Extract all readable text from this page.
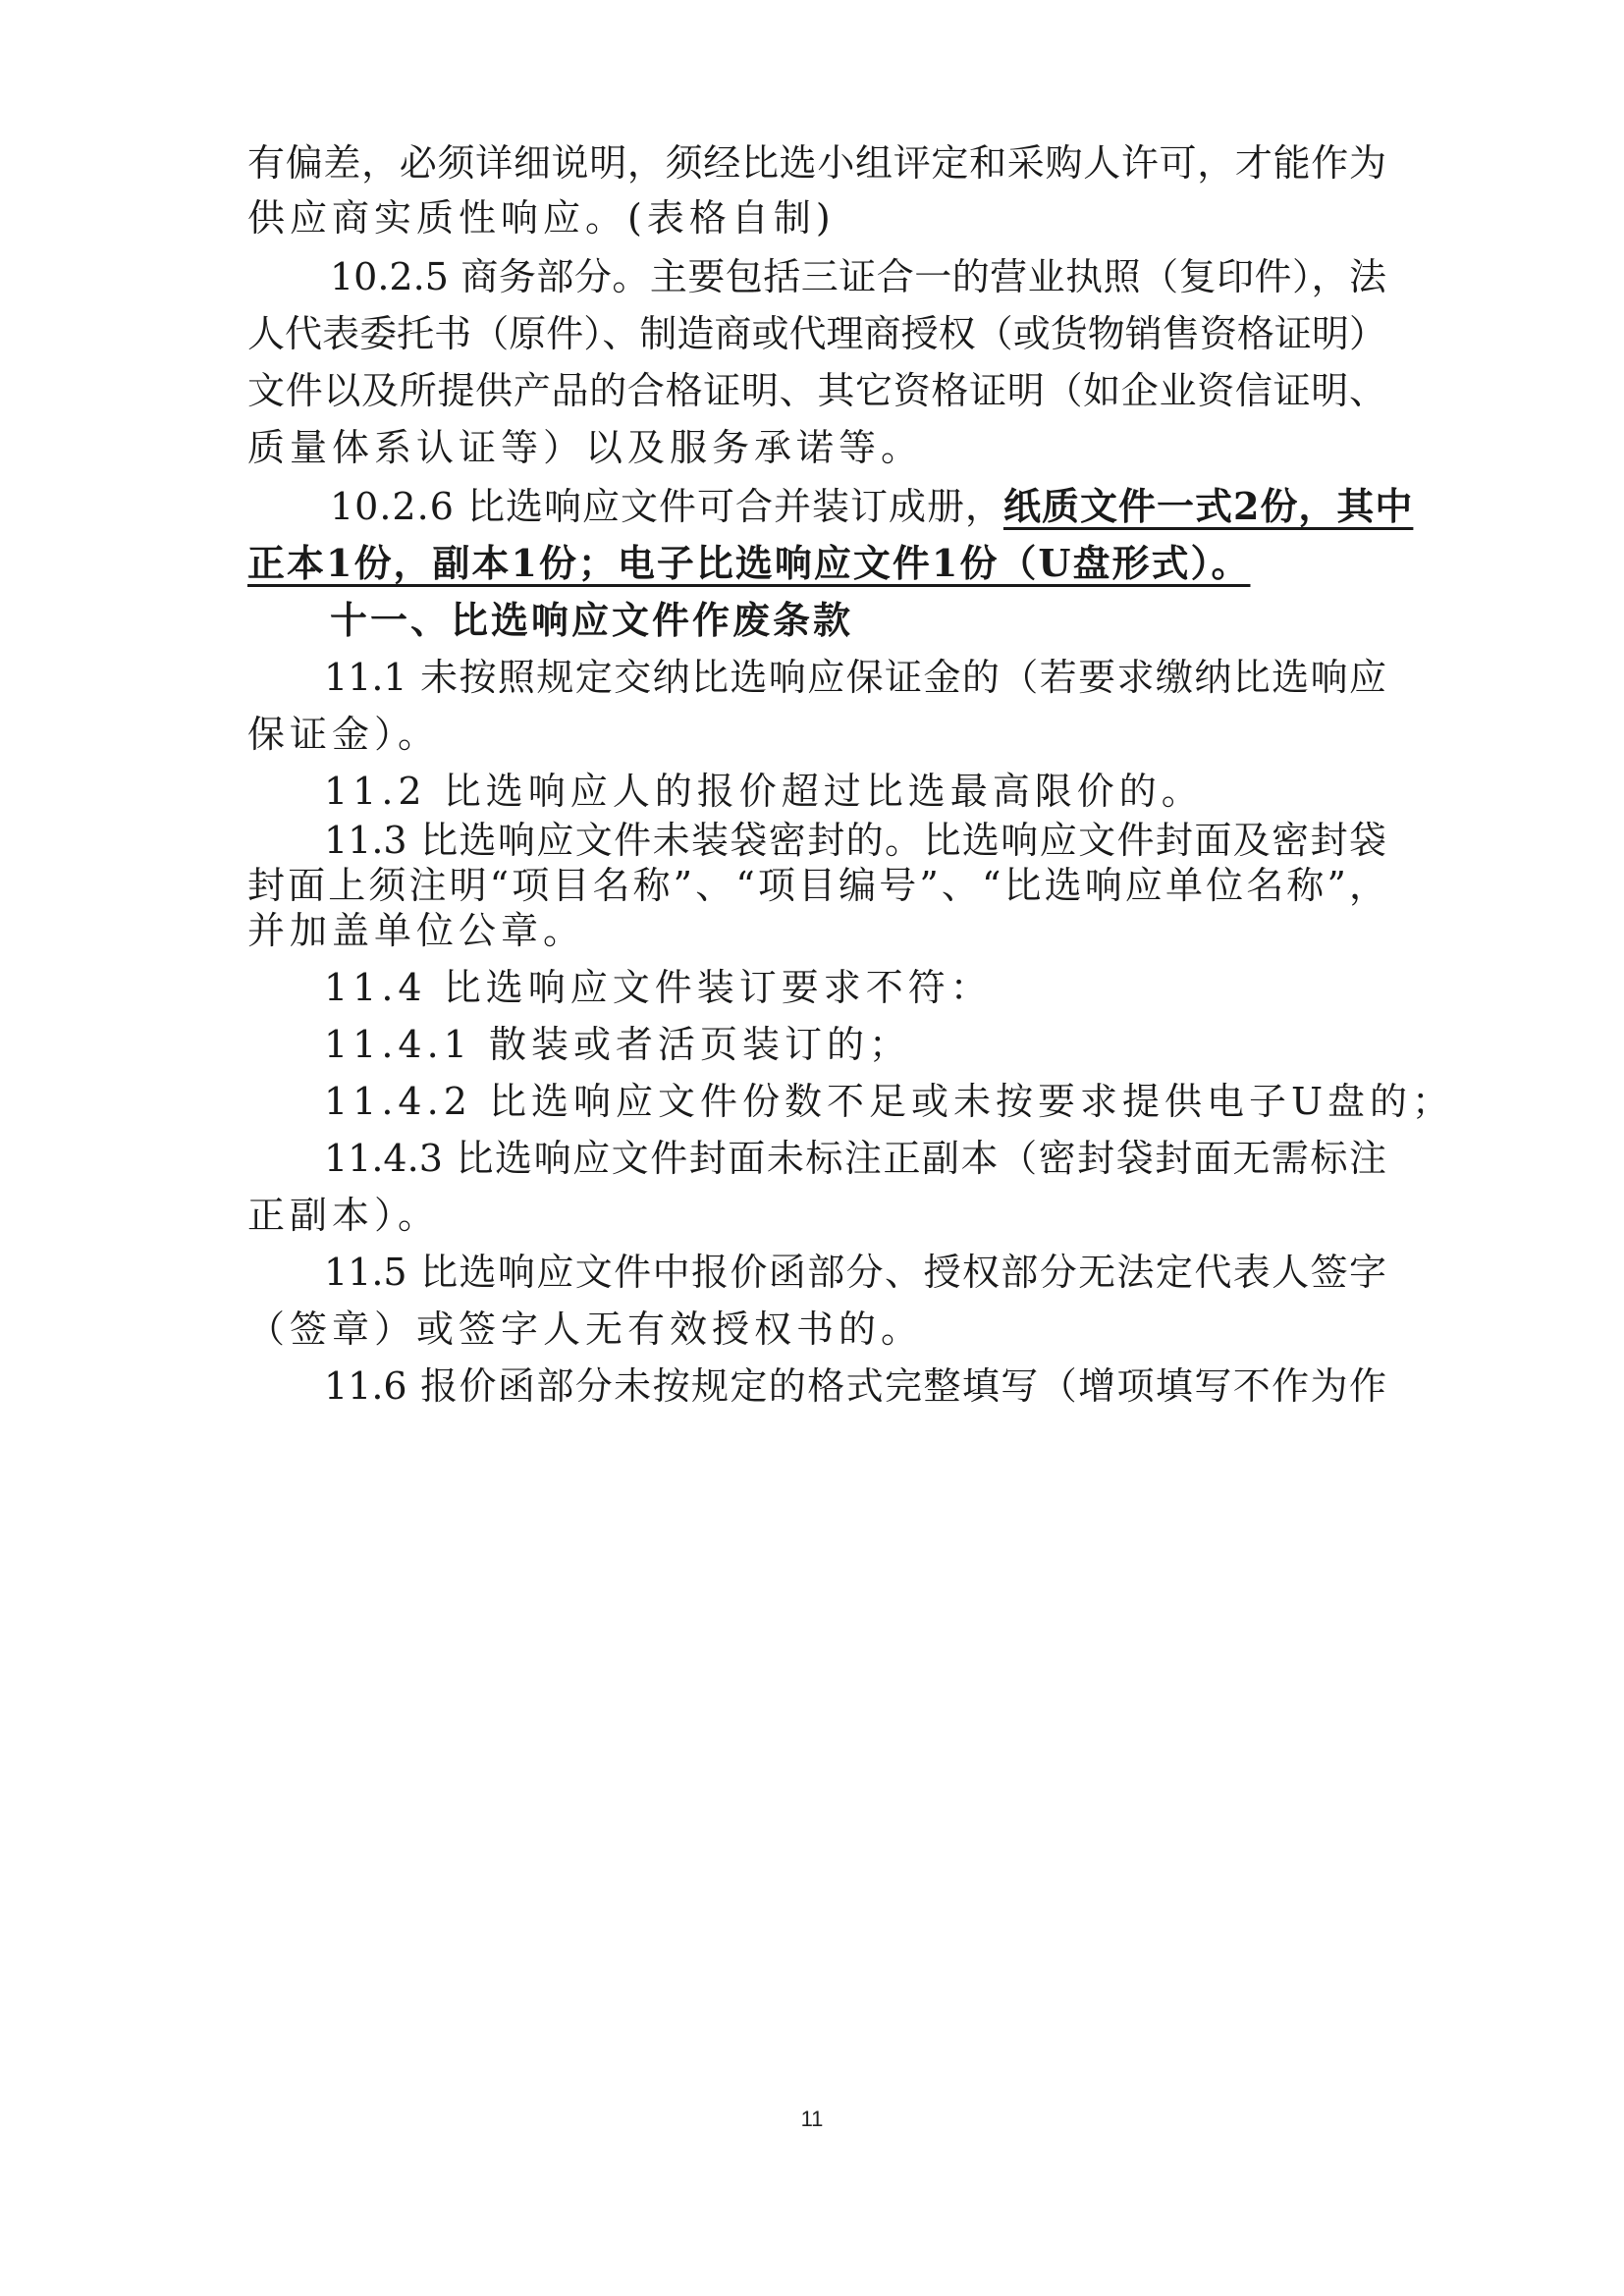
有偏差，必须详细说明，须经比选小组评定和采购人许可，才能作为
供应商实质性响应。(表格自制)
10.2.5 商务部分。主要包括三证合一的营业执照（复印件），法
人代表委托书（原件）、制造商或代理商授权（或货物销售资格证明）
文件以及所提供产品的合格证明、其它资格证明（如企业资信证明、
质量体系认证等）以及服务承诺等。
10.2.6 比选响应文件可合并装订成册，纸质文件一式2份，其中
正本1份，副本1份；电子比选响应文件1份（U盘形式）。
十一、比选响应文件作废条款
11.1 未按照规定交纳比选响应保证金的（若要求缴纳比选响应
保证金）。
11.2 比选响应人的报价超过比选最高限价的。
11.3 比选响应文件未装袋密封的。比选响应文件封面及密封袋
封面上须注明“项目名称”、“项目编号”、“比选响应单位名称”，
并加盖单位公章。
11.4 比选响应文件装订要求不符：
11.4.1 散装或者活页装订的；
11.4.2 比选响应文件份数不足或未按要求提供电子U盘的；
11.4.3 比选响应文件封面未标注正副本（密封袋封面无需标注
正副本）。
11.5 比选响应文件中报价函部分、授权部分无法定代表人签字
（签章）或签字人无有效授权书的。
11.6 报价函部分未按规定的格式完整填写（增项填写不作为作
11
